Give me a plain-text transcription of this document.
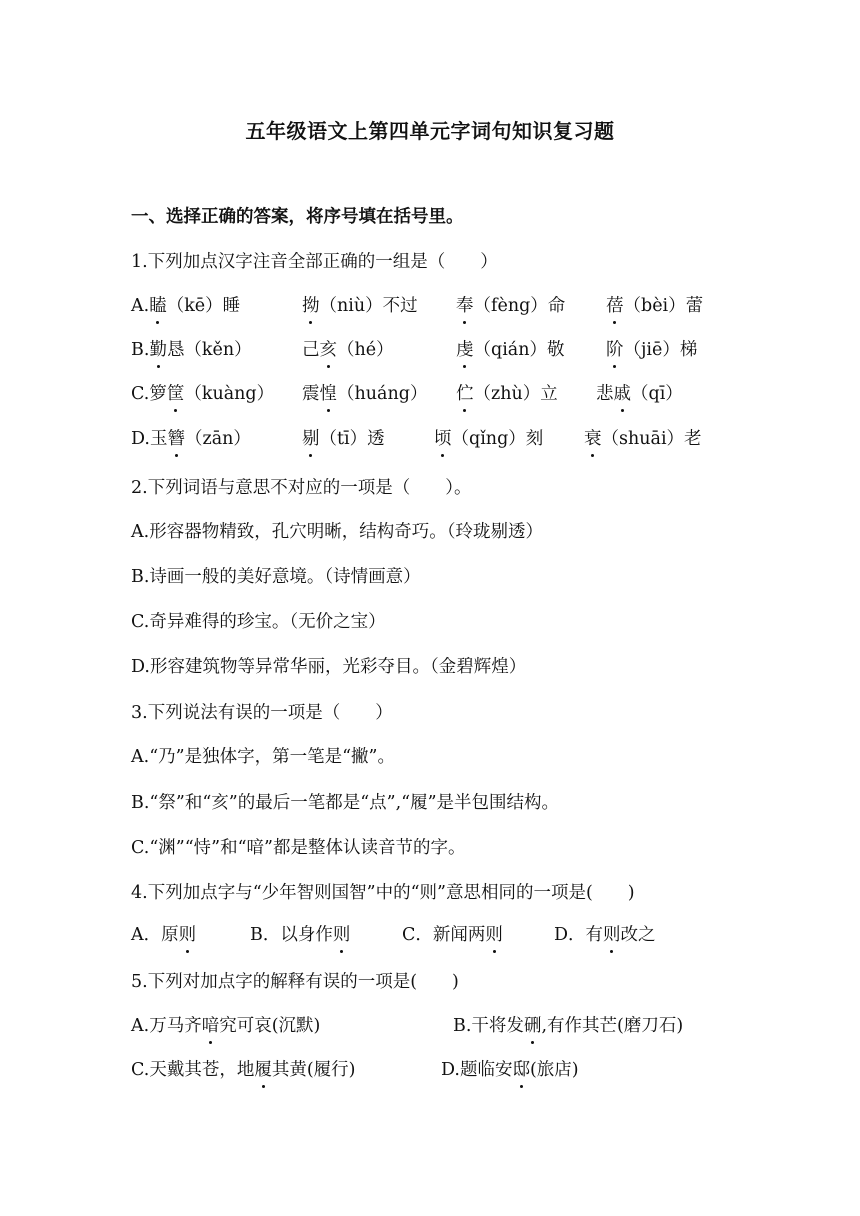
五年级语文上第四单元字词句知识复习题
一、选择正确的答案，将序号填在括号里。
1.下列加点汉字注音全部正确的一组是（　　）
A.瞌（kē）睡	拗（niù）不过 奉（fèng）命 蓓（bèi）蕾
B.勤恳（kěn）	己亥（hé）	虔（qián）敬 阶（jiē）梯
C.箩筐（kuàng） 震惶（huáng） 伫（zhù）立 悲戚（qī）
D.玉簪（zān）	剔（tī）透	顷（qǐng）刻 衰（shuāi）老
2.下列词语与意思不对应的一项是（　　）。
A.形容器物精致，孔穴明晰，结构奇巧。（玲珑剔透）
B.诗画一般的美好意境。（诗情画意）
C.奇异难得的珍宝。（无价之宝）
D.形容建筑物等异常华丽，光彩夺目。（金碧辉煌）
3.下列说法有误的一项是（　　）
A.“乃”是独体字，第一笔是“撇”。
B.“祭”和“亥”的最后一笔都是“点”,“履”是半包围结构。
C.“渊”“恃”和“喑”都是整体认读音节的字。
4.下列加点字与“少年智则国智”中的“则”意思相同的一项是(　　)
A．原则	B．以身作则	C．新闻两则	D．有则改之
5.下列对加点字的解释有误的一项是(　　)
A.万马齐喑究可哀(沉默)	B.干将发硎,有作其芒(磨刀石)
C.天戴其苍，地履其黄(履行)	D.题临安邸(旅店)
